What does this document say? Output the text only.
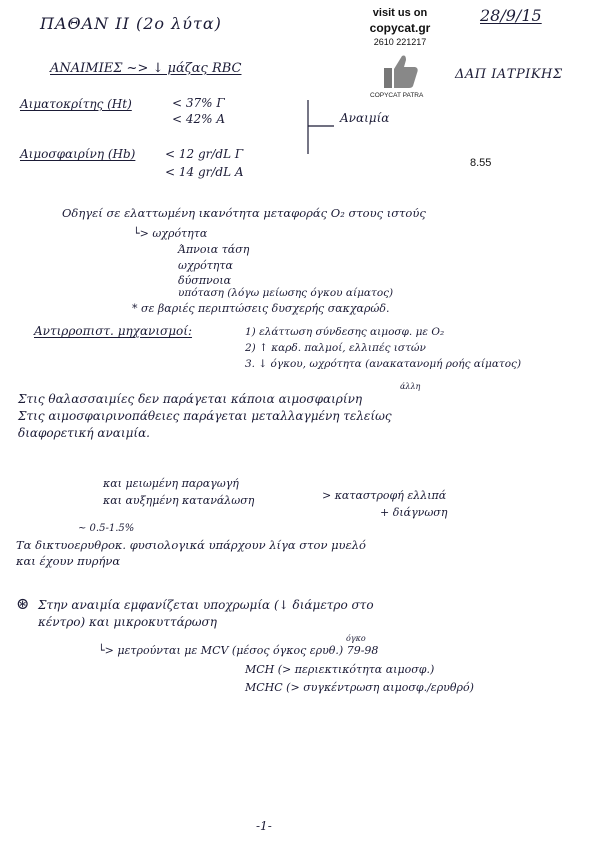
ΠΑΘΑΝ ΙΙ (2ο λύτα)	28/9/15
visit us on
copycat.gr
2610 221217
COPYCAT PATRA
ΔΑΠ ΙΑΤΡΙΚΗΣ
ΑΝΑΙΜΙΕΣ ~> ↓ μάζας RBC
Αιματοκρίτης (Ht)	< 37% Γ
< 42% Α	Αναιμία
Αιμοσφαιρίνη (Hb) < 12 gr/dL Γ
< 14 gr/dL Α
8.55
Οδηγεί σε ελαττωμένη ικανότητα μεταφοράς O₂ στους ιστούς
└> ωχρότητα
Άπνοια τάση
ωχρότητα
δύσπνοια
υπόταση (λόγω μείωσης όγκου αίματος)
* σε βαριές περιπτώσεις δυσχερής σακχαρώδ.
Αντιρροπιστ. μηχανισμοί:	1) ελάττωση σύνδεσης αιμοσφ. με O₂
2) ↑ καρδ. παλμοί, ελλιπές ιστών
3. ↓ όγκου, ωχρότητα (ανακατανομή ροής αίματος)
άλλη
Στις θαλασσαιμίες δεν παράγεται κάποια αιμοσφαιρίνη
Στις αιμοσφαιρινοπάθειες παράγεται μεταλλαγμένη τελείως
διαφορετική αναιμία.
και μειωμένη παραγωγή
και αυξημένη κατανάλωση	> καταστροφή ελλιπά
+ διάγνωση
~ 0.5-1.5%
Τα δικτυοερυθροκ. φυσιολογικά υπάρχουν λίγα στον μυελό
και έχουν πυρήνα
⊛ Στην αναιμία εμφανίζεται υποχρωμία (↓ διάμετρο στο
κέντρο) και μικροκυττάρωση
όγκο
└> μετρούνται με MCV (μέσος όγκος ερυθ.) 79-98
MCH (> περιεκτικότητα αιμοσφ.)
MCHC (> συγκέντρωση αιμοσφ./ερυθρό)
-1-
